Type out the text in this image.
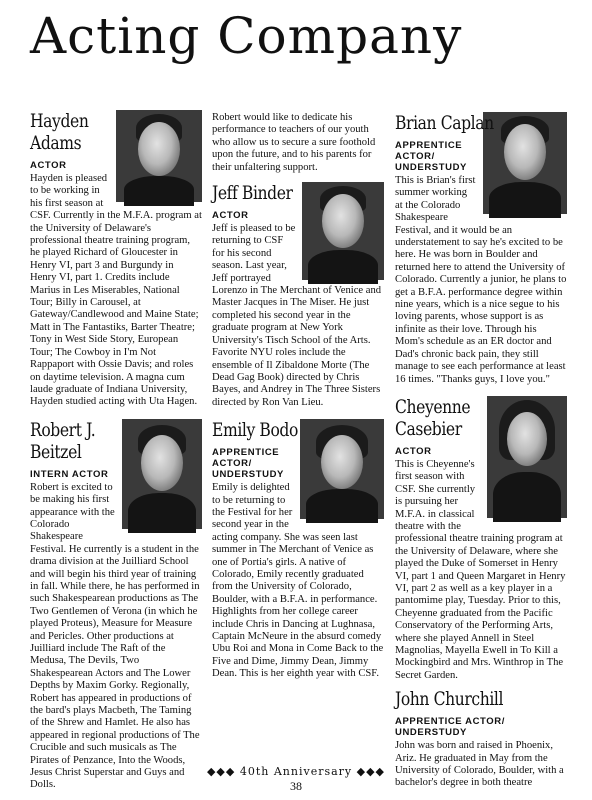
Acting Company
Hayden
Adams
ACTOR

Hayden is pleased to be working in his first season at CSF. Currently in the M.F.A. program at the University of Delaware's professional theatre training program, he played Richard of Gloucester in Henry VI, part 3 and Burgundy in Henry VI, part 1. Credits include Marius in Les Miserables, National Tour; Billy in Carousel, at Gateway/Candlewood and Maine State; Matt in The Fantastiks, Barter Theatre; Tony in West Side Story, European Tour; The Cowboy in I'm Not Rappaport with Ossie Davis; and roles on daytime television. A magna cum laude graduate of Indiana University, Hayden studied acting with Uta Hagen.

Robert J.
Beitzel
INTERN ACTOR

Robert is excited to be making his first appearance with the Colorado Shakespeare Festival. He currently is a student in the drama division at the Juilliard School and will begin his third year of training in fall. While there, he has performed in such Shakespearean productions as The Two Gentlemen of Verona (in which he played Proteus), Measure for Measure and Pericles. Other productions at Juilliard include The Raft of the Medusa, The Devils, Two Shakespearean Actors and The Lower Depths by Maxim Gorky. Regionally, Robert has appeared in productions of the bard's plays Macbeth, The Taming of the Shrew and Hamlet. He also has appeared in regional productions of The Crucible and such musicals as The Pirates of Penzance, Into the Woods, Jesus Christ Superstar and Guys and Dolls.

Robert would like to dedicate his performance to teachers of our youth who allow us to secure a sure foothold upon the future, and to his parents for their unfaltering support.

Jeff Binder
ACTOR

Jeff is pleased to be returning to CSF for his second season. Last year, Jeff portrayed Lorenzo in The Merchant of Venice and Master Jacques in The Miser. He just completed his second year in the graduate program at New York University's Tisch School of the Arts. Favorite NYU roles include the ensemble of Il Zibaldone Morte (The Dead Gag Book) directed by Chris Bayes, and Andrey in The Three Sisters directed by Ron Van Lieu.

Emily Bodo
APPRENTICE ACTOR/ UNDERSTUDY

Emily is delighted to be returning to the Festival for her second year in the acting company. She was seen last summer in The Merchant of Venice as one of Portia's girls. A native of Colorado, Emily recently graduated from the University of Colorado, Boulder, with a B.F.A. in performance. Highlights from her college career include Chris in Dancing at Lughnasa, Captain McNeure in the absurd comedy Ubu Roi and Mona in Come Back to the Five and Dime, Jimmy Dean, Jimmy Dean. This is her eighth year with CSF.

Brian Caplan
APPRENTICE ACTOR/ UNDERSTUDY

This is Brian's first summer working at the Colorado Shakespeare Festival, and it would be an understatement to say he's excited to be here. He was born in Boulder and returned here to attend the University of Colorado. Currently a junior, he plans to get a B.F.A. performance degree within nine years, which is a nice segue to his loving parents, whose support is as infinite as their love. Through his Mom's schedule as an ER doctor and Dad's chronic back pain, they still manage to see each performance at least 16 times. "Thanks guys, I love you."

Cheyenne
Casebier
ACTOR

This is Cheyenne's first season with CSF. She currently is pursuing her M.F.A. in classical theatre with the professional theatre training program at the University of Delaware, where she played the Duke of Somerset in Henry VI, part 1 and Queen Margaret in Henry VI, part 2 as well as a key player in a pantomime play, Tuesday. Prior to this, Cheyenne graduated from the Pacific Conservatory of the Performing Arts, where she played Annell in Steel Magnolias, Mayella Ewell in To Kill a Mockingbird and Mrs. Winthrop in The Secret Garden.

John Churchill
APPRENTICE ACTOR/ UNDERSTUDY

John was born and raised in Phoenix, Ariz. He graduated in May from the University of Colorado, Boulder, with a bachelor's degree in both theatre

◆◆◆ 40th Anniversary ◆◆◆
38
